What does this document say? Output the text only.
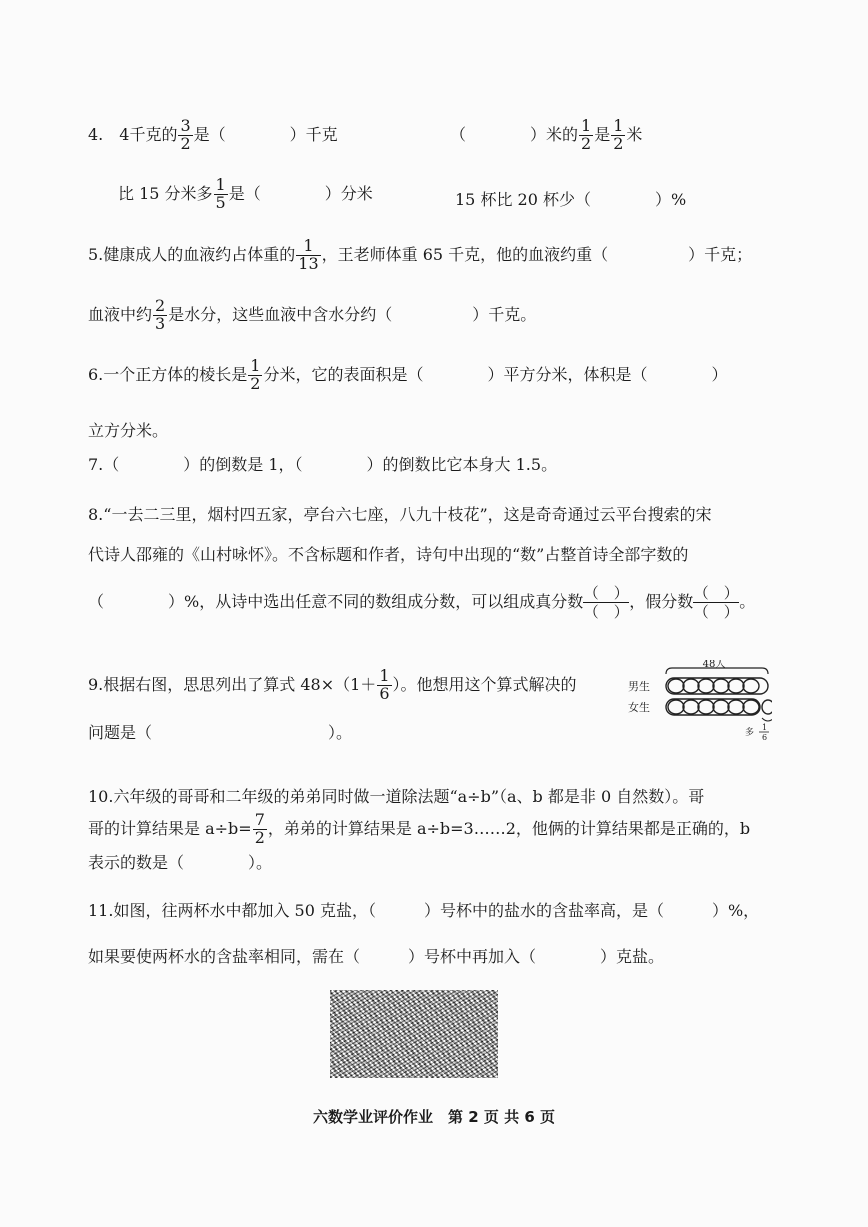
4.　4千克的 $\frac{3}{2}$ 是（　　　　）千克	（　　　　）米的 $\frac{1}{2}$ 是 $\frac{1}{2}$ 米
比 15 分米多 $\frac{1}{5}$ 是（　　　　）分米	15 杯比 20 杯少（　　　　）%
5.健康成人的血液约占体重的 $\frac{1}{13}$ ，王老师体重 65 千克，他的血液约重（　　　　　）千克；
血液中约 $\frac{2}{3}$ 是水分，这些血液中含水分约（　　　　　）千克。
6.一个正方体的棱长是 $\frac{1}{2}$ 分米，它的表面积是（　　　　）平方分米，体积是（　　　　）
立方分米。
7.（　　　　）的倒数是 1，（　　　　）的倒数比它本身大 1.5。
8.“一去二三里，烟村四五家，亭台六七座，八九十枝花”，这是奇奇通过云平台搜索的宋
代诗人邵雍的《山村咏怀》。不含标题和作者，诗句中出现的“数”占整首诗全部字数的
（　　　　）%，从诗中选出任意不同的数组成分数，可以组成真分数 $\frac{( )}{( )}$ ，假分数 $\frac{( )}{( )}$ 。
9.根据右图，思思列出了算式 $48\times(1+ \frac{1}{6}$ ）。他想用这个算式解决的
问题是（　　　　　　　　　　　）。
48人
男生
女生
多
1
6
10.六年级的哥哥和二年级的弟弟同时做一道除法题“a÷b”（a、b 都是非 0 自然数）。哥
哥的计算结果是 $a\div b= \frac{7}{2}$ ，弟弟的计算结果是 a÷b=3……2，他俩的计算结果都是正确的，b
表示的数是（　　　　）。
11.如图，往两杯水中都加入 50 克盐，（　　　）号杯中的盐水的含盐率高，是（　　　）%，
如果要使两杯水的含盐率相同，需在（　　　）号杯中再加入（　　　　）克盐。
六数学业评价作业　第 2 页 共 6 页
